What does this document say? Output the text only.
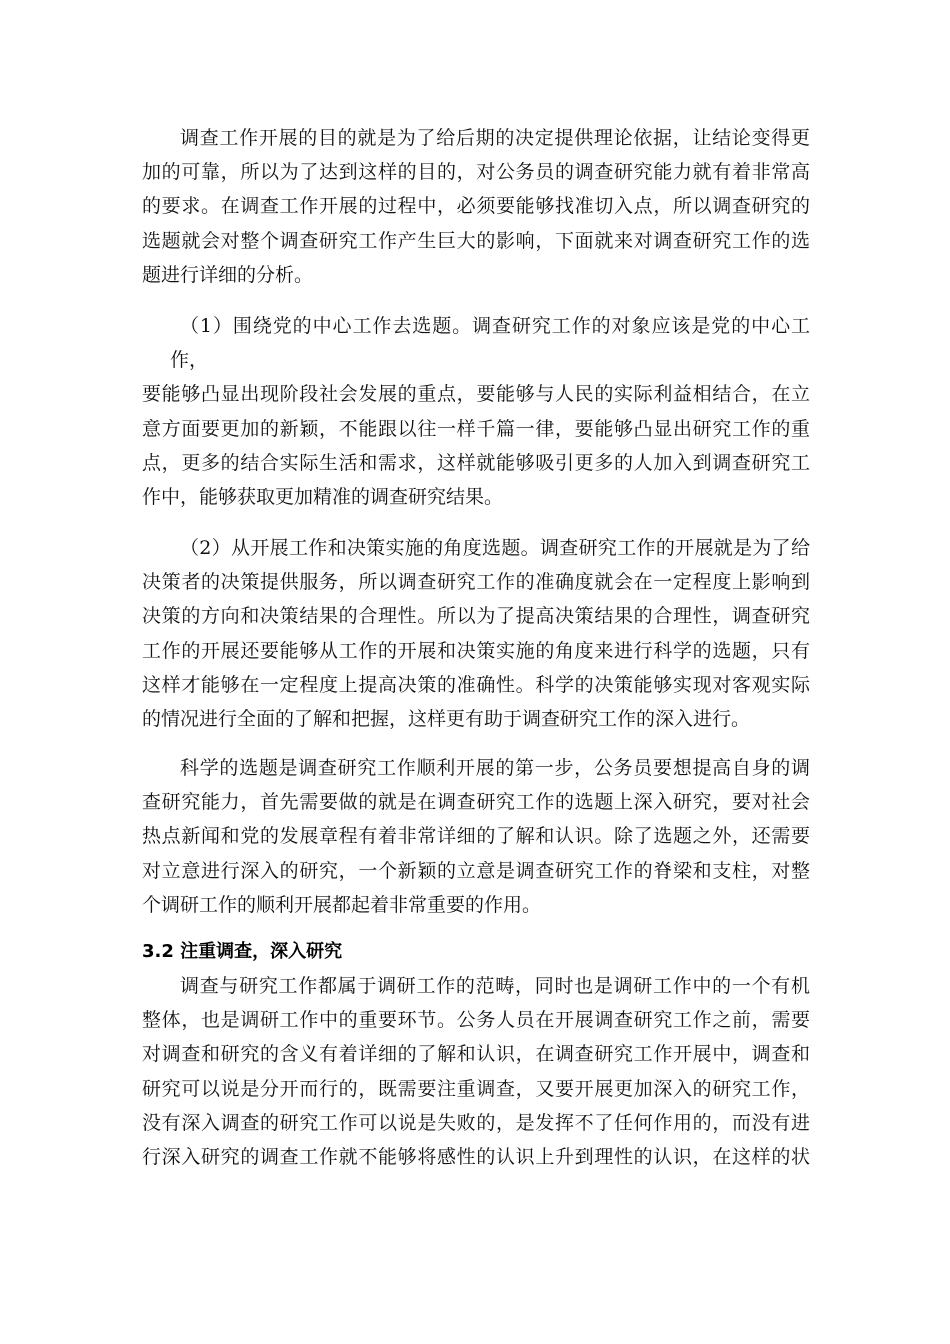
调查工作开展的目的就是为了给后期的决定提供理论依据，让结论变得更
加的可靠，所以为了达到这样的目的，对公务员的调查研究能力就有着非常高
的要求。在调查工作开展的过程中，必须要能够找准切入点，所以调查研究的
选题就会对整个调查研究工作产生巨大的影响，下面就来对调查研究工作的选
题进行详细的分析。
（1）围绕党的中心工作去选题。调查研究工作的对象应该是党的中心工
作，
要能够凸显出现阶段社会发展的重点，要能够与人民的实际利益相结合，在立
意方面要更加的新颖，不能跟以往一样千篇一律，要能够凸显出研究工作的重
点，更多的结合实际生活和需求，这样就能够吸引更多的人加入到调查研究工
作中，能够获取更加精准的调查研究结果。
（2）从开展工作和决策实施的角度选题。调查研究工作的开展就是为了给
决策者的决策提供服务，所以调查研究工作的准确度就会在一定程度上影响到
决策的方向和决策结果的合理性。所以为了提高决策结果的合理性，调查研究
工作的开展还要能够从工作的开展和决策实施的角度来进行科学的选题，只有
这样才能够在一定程度上提高决策的准确性。科学的决策能够实现对客观实际
的情况进行全面的了解和把握，这样更有助于调查研究工作的深入进行。
科学的选题是调查研究工作顺利开展的第一步，公务员要想提高自身的调
查研究能力，首先需要做的就是在调查研究工作的选题上深入研究，要对社会
热点新闻和党的发展章程有着非常详细的了解和认识。除了选题之外，还需要
对立意进行深入的研究，一个新颖的立意是调查研究工作的脊梁和支柱，对整
个调研工作的顺利开展都起着非常重要的作用。
3.2 注重调查，深入研究
调查与研究工作都属于调研工作的范畴，同时也是调研工作中的一个有机
整体，也是调研工作中的重要环节。公务人员在开展调查研究工作之前，需要
对调查和研究的含义有着详细的了解和认识，在调查研究工作开展中，调查和
研究可以说是分开而行的，既需要注重调查，又要开展更加深入的研究工作，
没有深入调查的研究工作可以说是失败的，是发挥不了任何作用的，而没有进
行深入研究的调查工作就不能够将感性的认识上升到理性的认识，在这样的状
